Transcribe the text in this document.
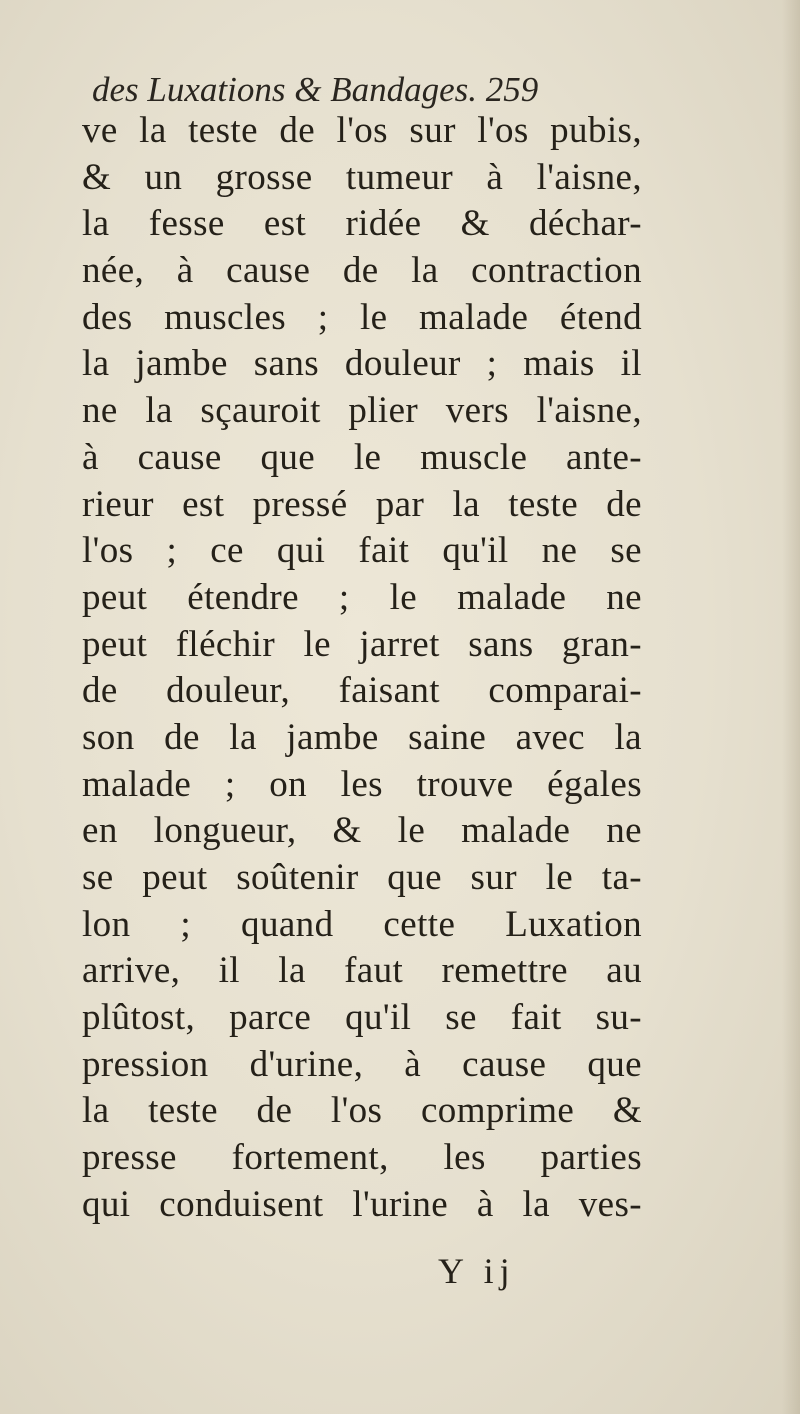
des Luxations & Bandages. 259
ve la teste de l'os sur l'os pubis,
& un grosse tumeur à l'aisne,
la fesse est ridée & déchar-
née, à cause de la contraction
des muscles ; le malade étend
la jambe sans douleur ; mais il
ne la sçauroit plier vers l'aisne,
à cause que le muscle ante-
rieur est pressé par la teste de
l'os ; ce qui fait qu'il ne se
peut étendre ; le malade ne
peut fléchir le jarret sans gran-
de douleur, faisant comparai-
son de la jambe saine avec la
malade ; on les trouve égales
en longueur, & le malade ne
se peut soûtenir que sur le ta-
lon ; quand cette Luxation
arrive, il la faut remettre au
plûtost, parce qu'il se fait su-
pression d'urine, à cause que
la teste de l'os comprime &
presse fortement, les parties
qui conduisent l'urine à la ves-
Y ij
